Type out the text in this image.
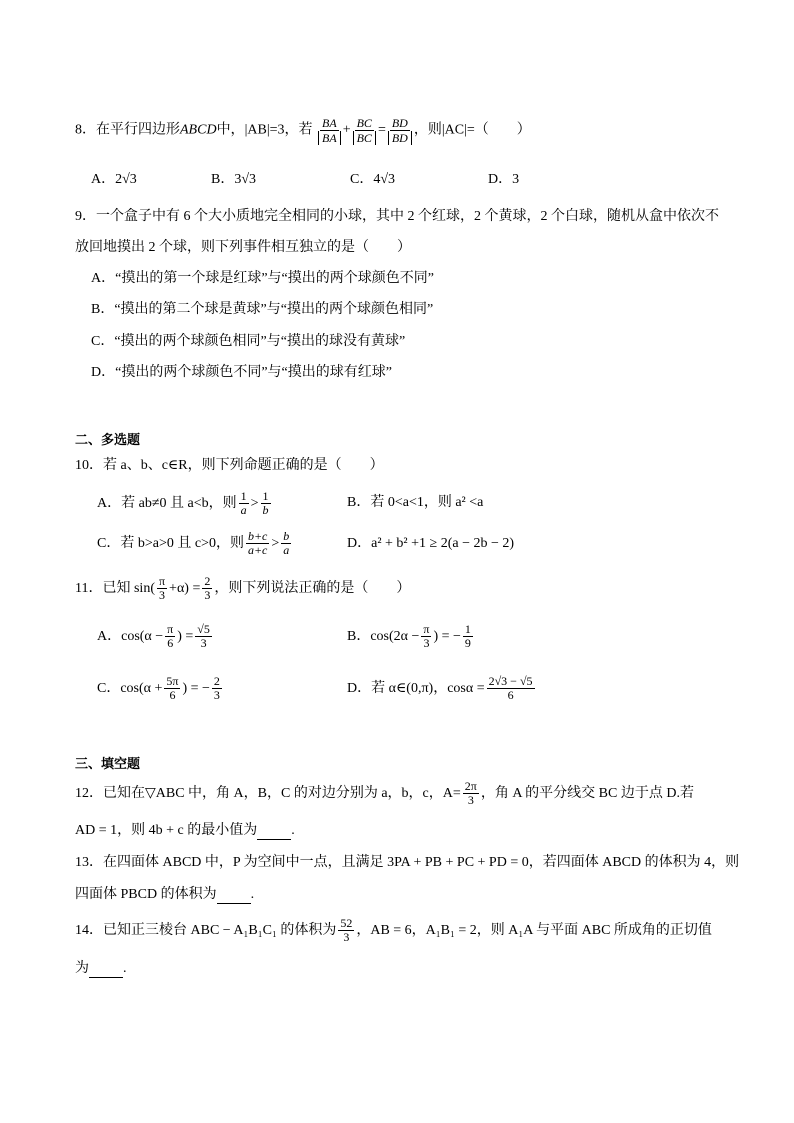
8．在平行四边形ABCD中，|AB|=3，若 $\frac{BA}{BA} + \frac{BC}{BC} = \frac{BD}{BD}$ ，则|AC|=（　　）
A．2√3	B．3√3	C．4√3	D．3
9．一个盒子中有 6 个大小质地完全相同的小球，其中 2 个红球，2 个黄球，2 个白球，随机从盒中依次不
放回地摸出 2 个球，则下列事件相互独立的是（　　）
A．“摸出的第一个球是红球”与“摸出的两个球颜色不同”
B．“摸出的第二个球是黄球”与“摸出的两个球颜色相同”
C．“摸出的两个球颜色相同”与“摸出的球没有黄球”
D．“摸出的两个球颜色不同”与“摸出的球有红球”
二、多选题
10．若 a、b、c∈R，则下列命题正确的是（　　）
A．若 ab≠0 且 a<b，则 $\frac{1}{a} > \frac{1}{b}$	B．若 0<a<1，则 a² <a
C．若 b>a>0 且 c>0，则 $\frac{b+c}{a+c} > \frac{b}{a}$	D．a² + b² +1 ≥ 2(a − 2b − 2)
11．已知 $\sin( \frac{\pi}{3} +\alpha) = \frac{2}{3}$ ，则下列说法正确的是（　　）
A．$\cos(\alpha - \frac{\pi}{6}$ ) = $\frac{√5}{3}$	B．$\cos(2\alpha - \frac{\pi}{3}$ ) = − $\frac{1}{9}$
C．$\cos(\alpha + \frac{5\pi}{6}$ ) = − $\frac{2}{3}$	D．若 α∈(0,π)，$\cos\alpha = \frac{2√3 - √5}{6}$
三、填空题
12．已知在▽ABC 中，角 A，B，C 的对边分别为 a，b，c，$A= \frac{2\pi}{3}$ ，角 A 的平分线交 BC 边于点 D.若
AD = 1，则 4b + c 的最小值为 .
13．在四面体 ABCD 中，P 为空间中一点，且满足 3PA + PB + PC + PD = 0，若四面体 ABCD 的体积为 4，则
四面体 PBCD 的体积为 .
14．已知正三棱台 ABC − A₁B₁C₁ 的体积为 $\frac{52}{3}$ ，AB = 6，A₁B₁ = 2，则 A₁A 与平面 ABC 所成角的正切值
为 .
